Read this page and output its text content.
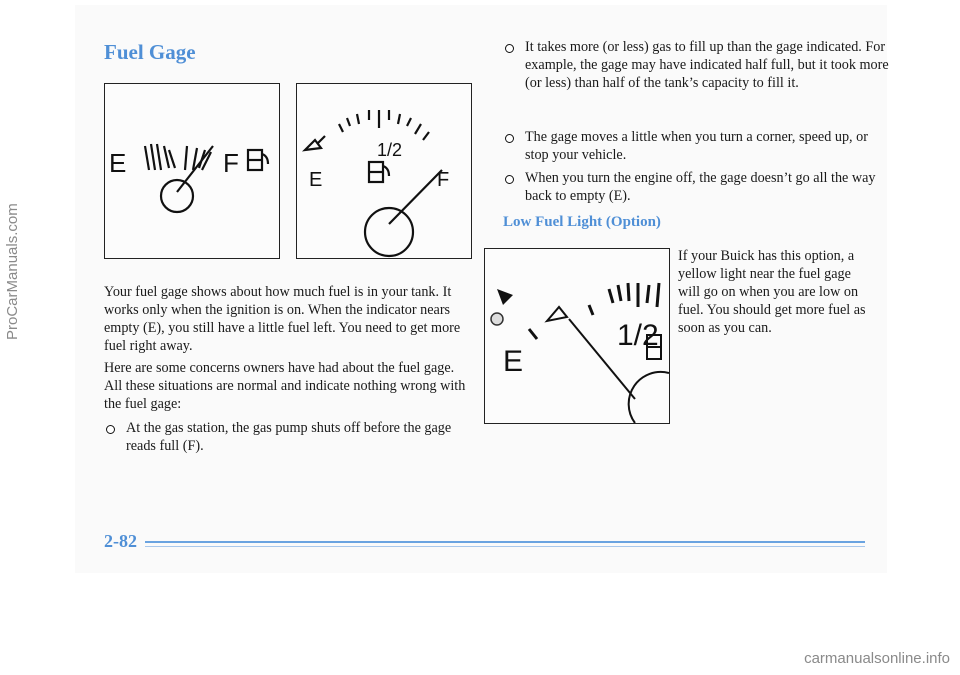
Fuel Gage
E	F	1/2
E	F

Your fuel gage shows about how much fuel is in your tank. It works only when the ignition is on. When the indicator nears empty (E), you still have a little fuel left. You need to get more fuel right away.

Here are some concerns owners have had about the fuel gage. All these situations are normal and indicate nothing wrong with the fuel gage:

At the gas station, the gas pump shuts off before the gage reads full (F).
It takes more (or less) gas to fill up than the gage indicated. For example, the gage may have indicated half full, but it took more (or less) than half of the tank’s capacity to fill it.
The gage moves a little when you turn a corner, speed up, or stop your vehicle.
When you turn the engine off, the gage doesn’t go all the way back to empty (E).
Low Fuel Light (Option)
1/2
E

If your Buick has this option, a yellow light near the fuel gage will go on when you are low on fuel. You should get more fuel as soon as you can.

2-82
ProCarManuals.com
carmanualsonline.info
